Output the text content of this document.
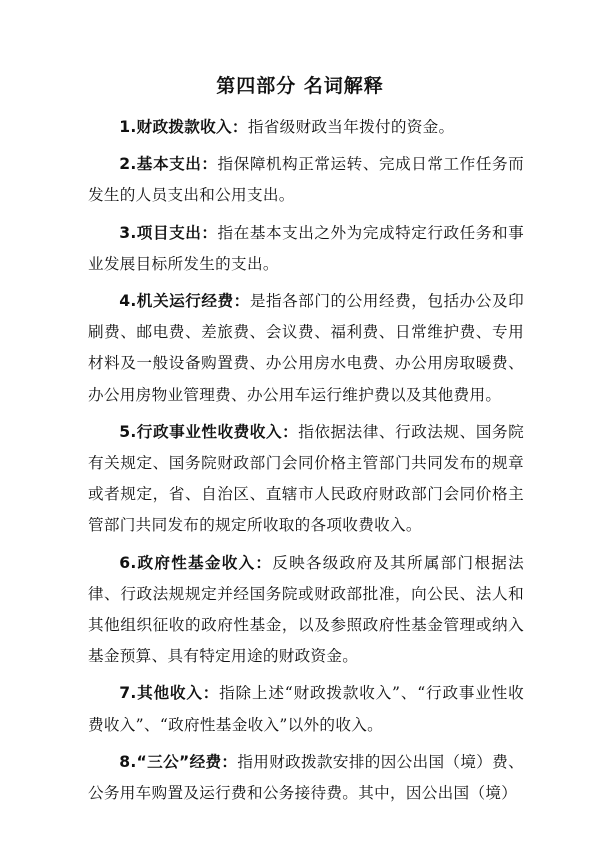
第四部分 名词解释

1.财政拨款收入：指省级财政当年拨付的资金。

2.基本支出：指保障机构正常运转、完成日常工作任务而发生的人员支出和公用支出。

3.项目支出：指在基本支出之外为完成特定行政任务和事业发展目标所发生的支出。

4.机关运行经费：是指各部门的公用经费，包括办公及印刷费、邮电费、差旅费、会议费、福利费、日常维护费、专用材料及一般设备购置费、办公用房水电费、办公用房取暖费、办公用房物业管理费、办公用车运行维护费以及其他费用。

5.行政事业性收费收入：指依据法律、行政法规、国务院有关规定、国务院财政部门会同价格主管部门共同发布的规章或者规定，省、自治区、直辖市人民政府财政部门会同价格主管部门共同发布的规定所收取的各项收费收入。

6.政府性基金收入：反映各级政府及其所属部门根据法律、行政法规规定并经国务院或财政部批准，向公民、法人和其他组织征收的政府性基金，以及参照政府性基金管理或纳入基金预算、具有特定用途的财政资金。

7.其他收入：指除上述“财政拨款收入”、“行政事业性收费收入”、“政府性基金收入”以外的收入。

8.“三公”经费：指用财政拨款安排的因公出国（境）费、公务用车购置及运行费和公务接待费。其中，因公出国（境）
